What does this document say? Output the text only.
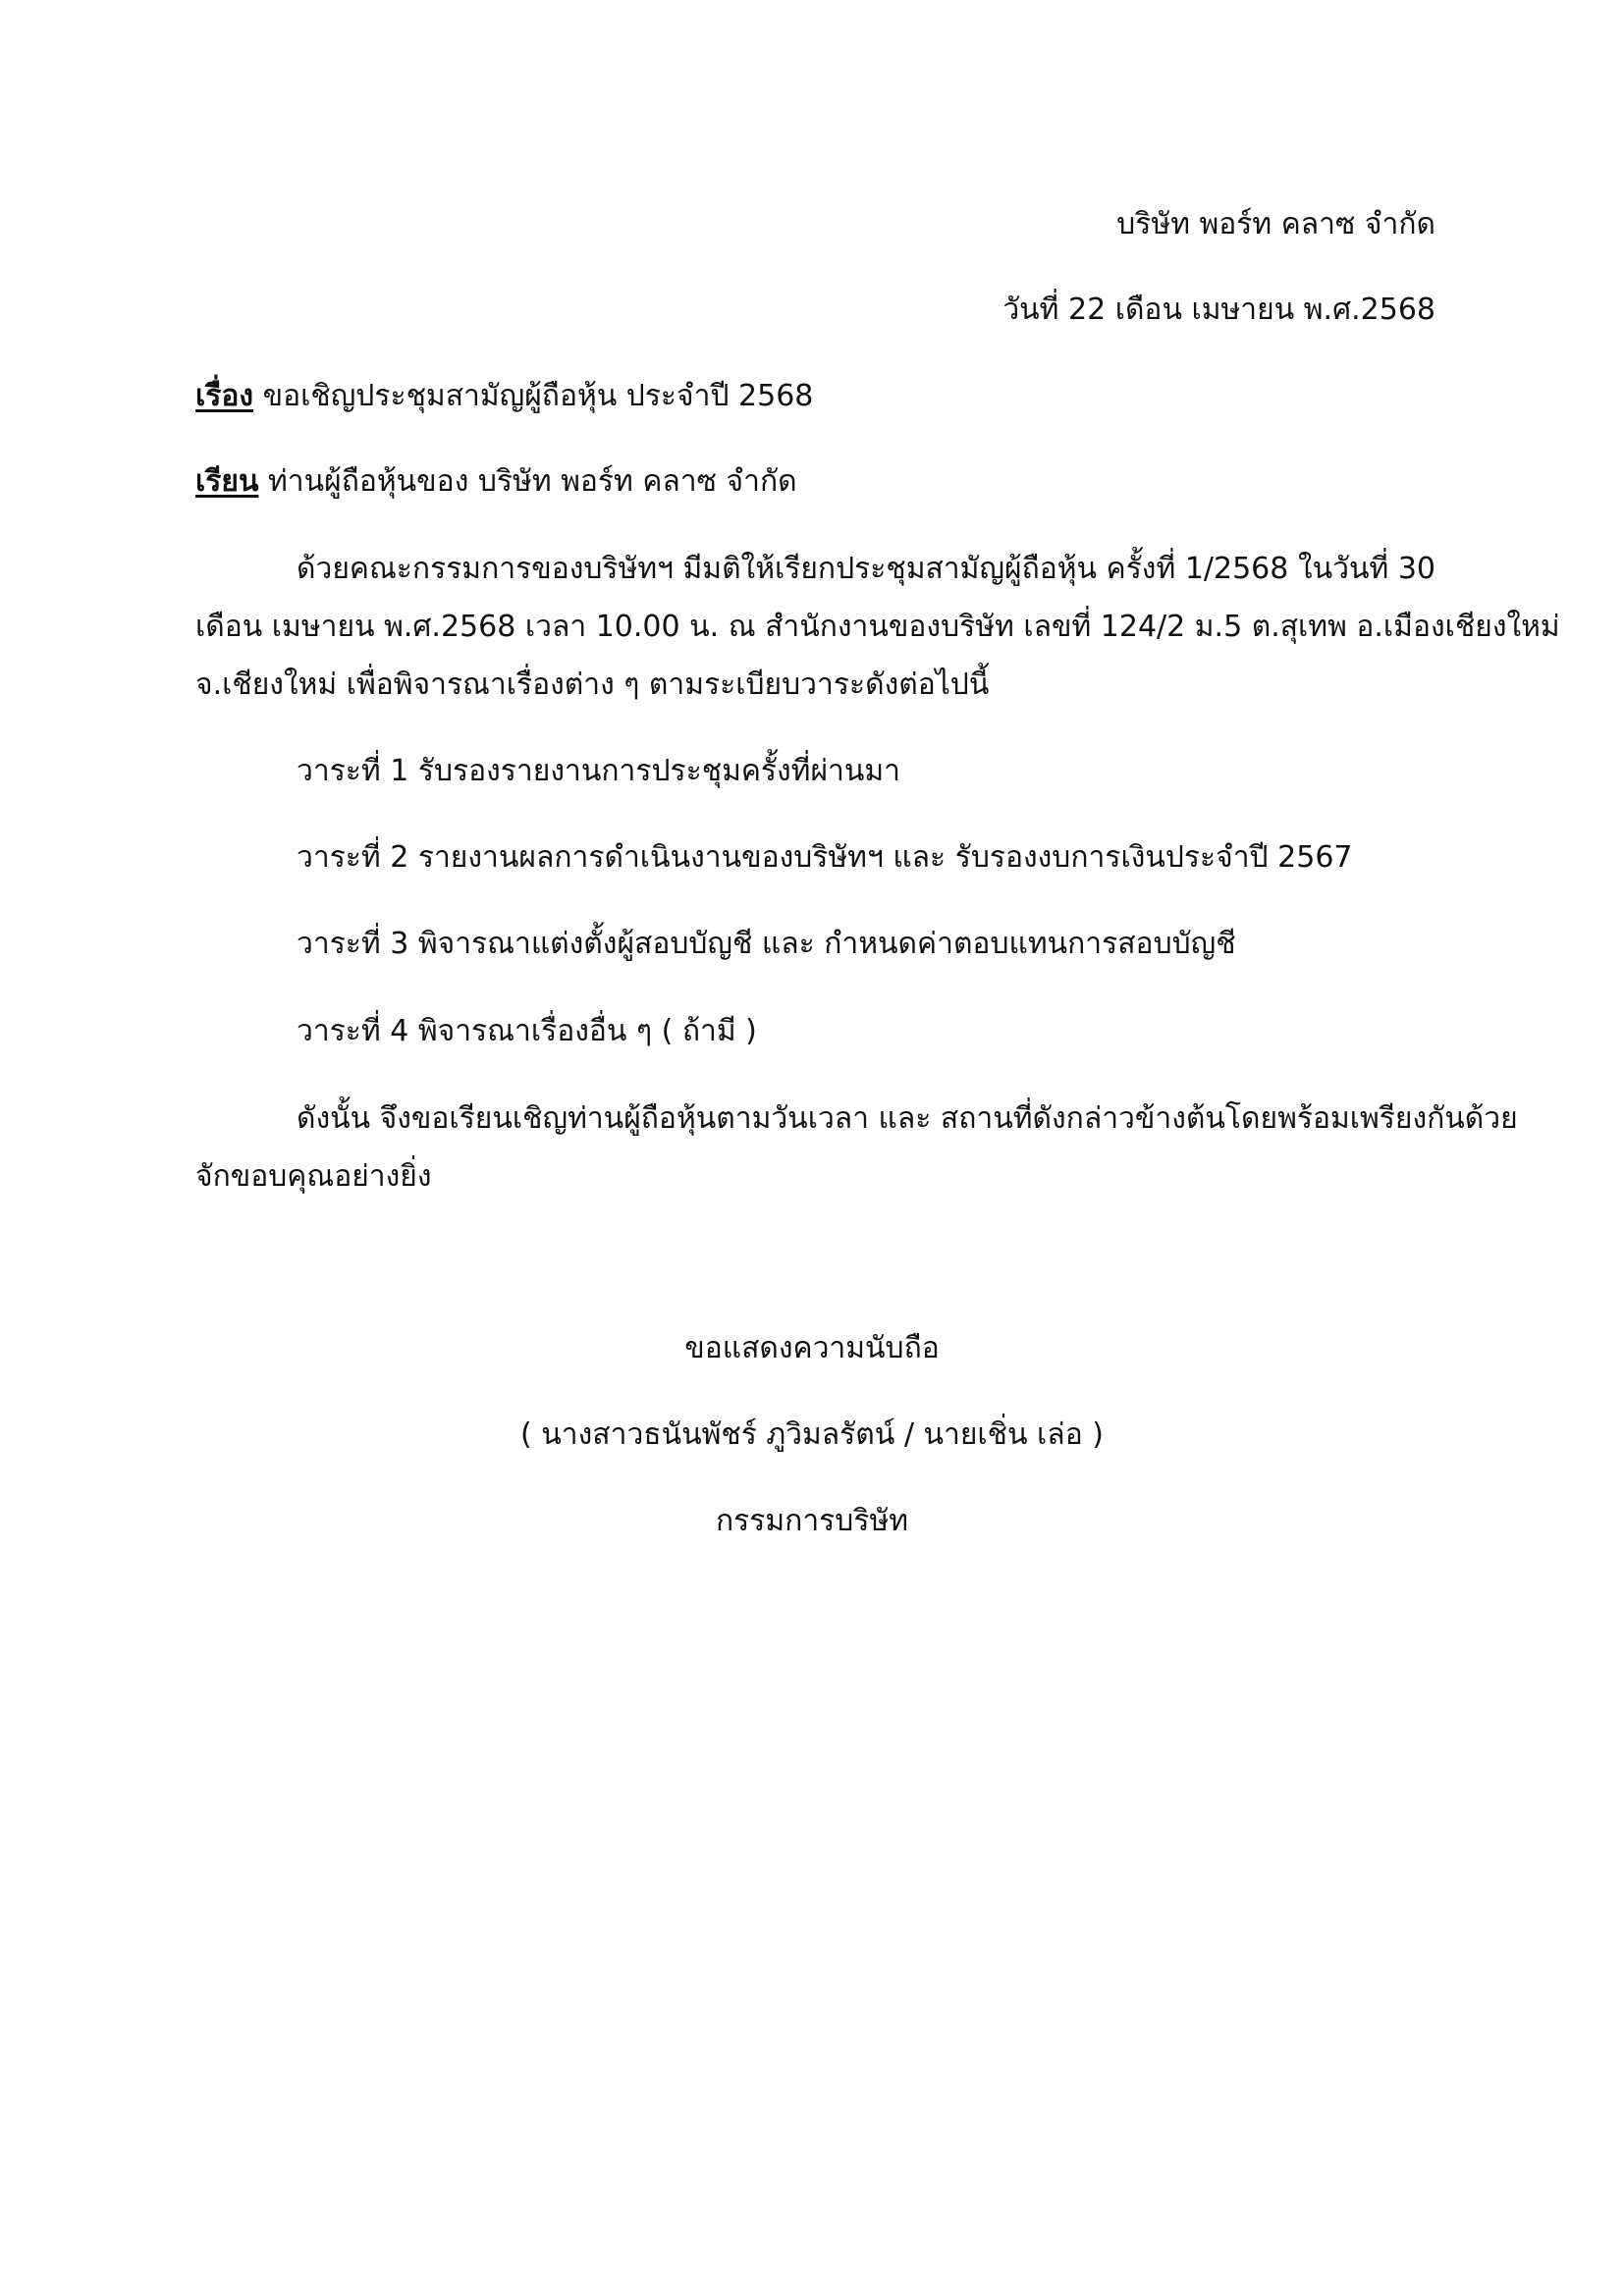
บริษัท พอร์ท คลาซ จำกัด
วันที่ 22 เดือน เมษายน พ.ศ.2568
เรื่อง ขอเชิญประชุมสามัญผู้ถือหุ้น ประจำปี 2568
เรียน ท่านผู้ถือหุ้นของ บริษัท พอร์ท คลาซ จำกัด
ด้วยคณะกรรมการของบริษัทฯ มีมติให้เรียกประชุมสามัญผู้ถือหุ้น ครั้งที่ 1/2568 ในวันที่ 30
เดือน เมษายน พ.ศ.2568 เวลา 10.00 น. ณ สำนักงานของบริษัท เลขที่ 124/2 ม.5 ต.สุเทพ อ.เมืองเชียงใหม่
จ.เชียงใหม่ เพื่อพิจารณาเรื่องต่าง ๆ ตามระเบียบวาระดังต่อไปนี้
วาระที่ 1 รับรองรายงานการประชุมครั้งที่ผ่านมา
วาระที่ 2 รายงานผลการดำเนินงานของบริษัทฯ และ รับรองงบการเงินประจำปี 2567
วาระที่ 3 พิจารณาแต่งตั้งผู้สอบบัญชี และ กำหนดค่าตอบแทนการสอบบัญชี
วาระที่ 4 พิจารณาเรื่องอื่น ๆ ( ถ้ามี )
ดังนั้น จึงขอเรียนเชิญท่านผู้ถือหุ้นตามวันเวลา และ สถานที่ดังกล่าวข้างต้นโดยพร้อมเพรียงกันด้วย
จักขอบคุณอย่างยิ่ง
ขอแสดงความนับถือ
( นางสาวธนันพัชร์ ภูวิมลรัตน์ / นายเชิ่น เล่อ )
กรรมการบริษัท
